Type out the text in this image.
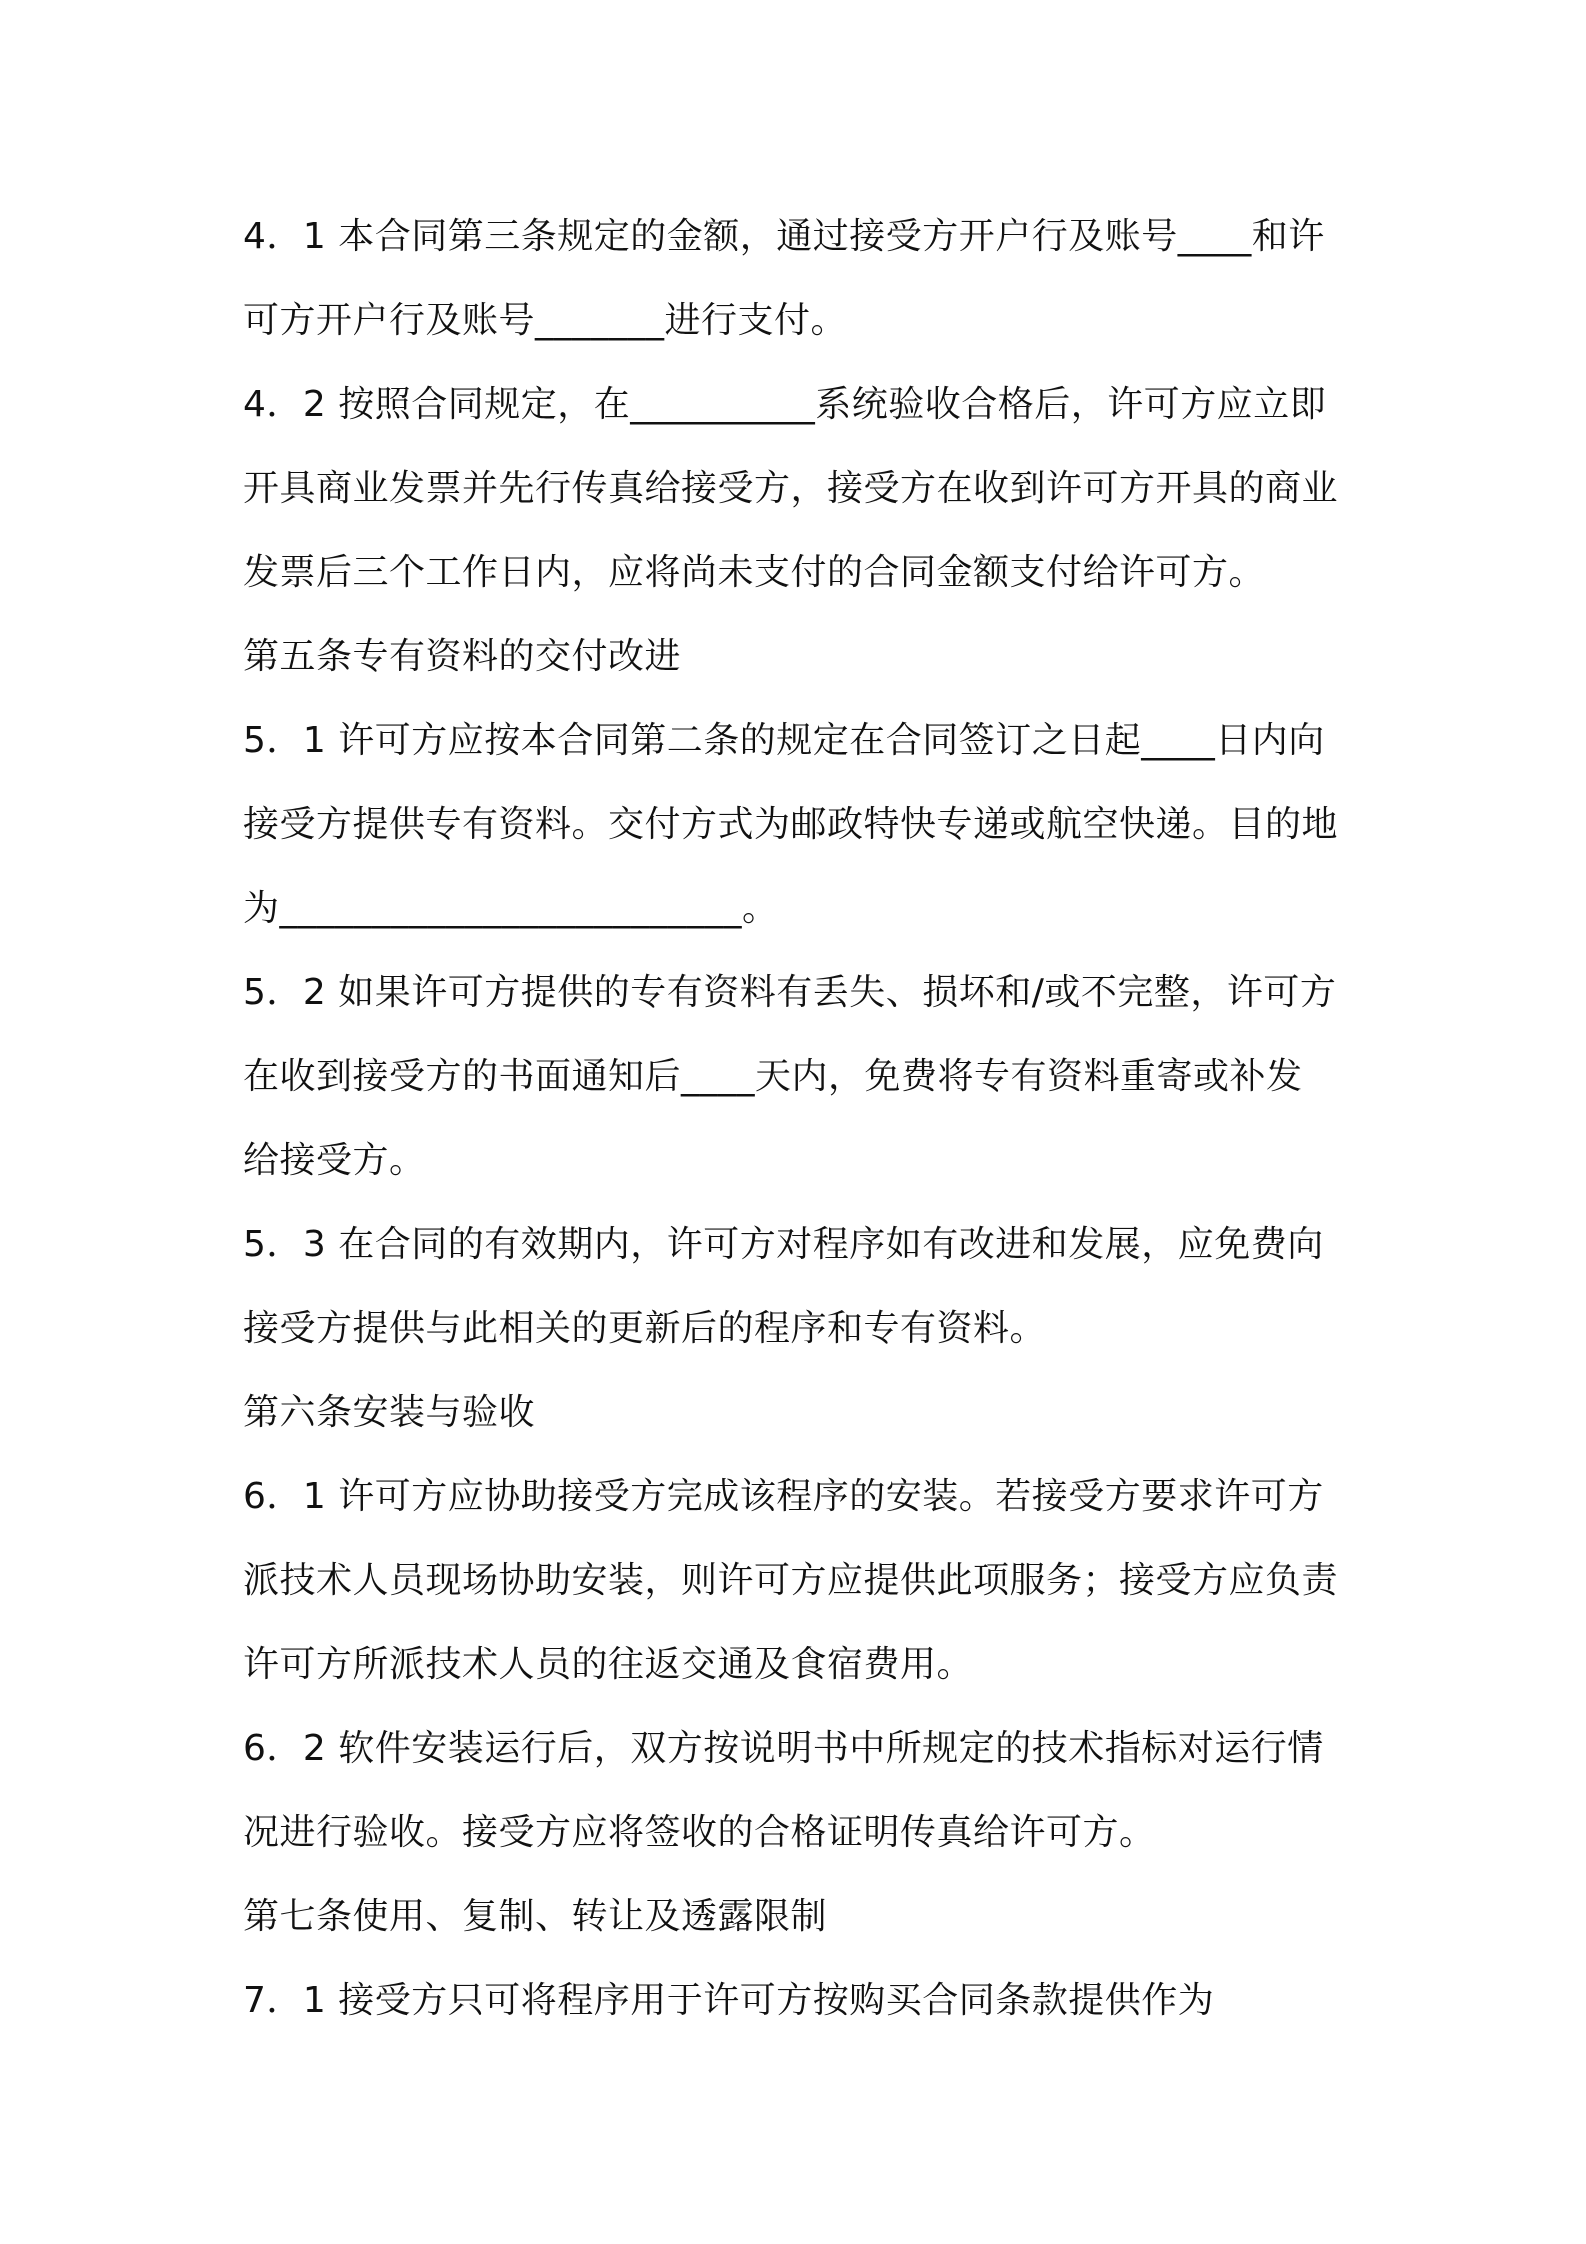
4．1 本合同第三条规定的金额，通过接受方开户行及账号____和许
可方开户行及账号_______进行支付。
4．2 按照合同规定，在__________系统验收合格后，许可方应立即
开具商业发票并先行传真给接受方，接受方在收到许可方开具的商业
发票后三个工作日内，应将尚未支付的合同金额支付给许可方。
第五条专有资料的交付改进
5．1 许可方应按本合同第二条的规定在合同签订之日起____日内向
接受方提供专有资料。交付方式为邮政特快专递或航空快递。目的地
为_________________________。
5．2 如果许可方提供的专有资料有丢失、损坏和/或不完整，许可方
在收到接受方的书面通知后____天内，免费将专有资料重寄或补发
给接受方。
5．3 在合同的有效期内，许可方对程序如有改进和发展，应免费向
接受方提供与此相关的更新后的程序和专有资料。
第六条安装与验收
6．1 许可方应协助接受方完成该程序的安装。若接受方要求许可方
派技术人员现场协助安装，则许可方应提供此项服务；接受方应负责
许可方所派技术人员的往返交通及食宿费用。
6．2 软件安装运行后，双方按说明书中所规定的技术指标对运行情
况进行验收。接受方应将签收的合格证明传真给许可方。
第七条使用、复制、转让及透露限制
7．1 接受方只可将程序用于许可方按购买合同条款提供作为
